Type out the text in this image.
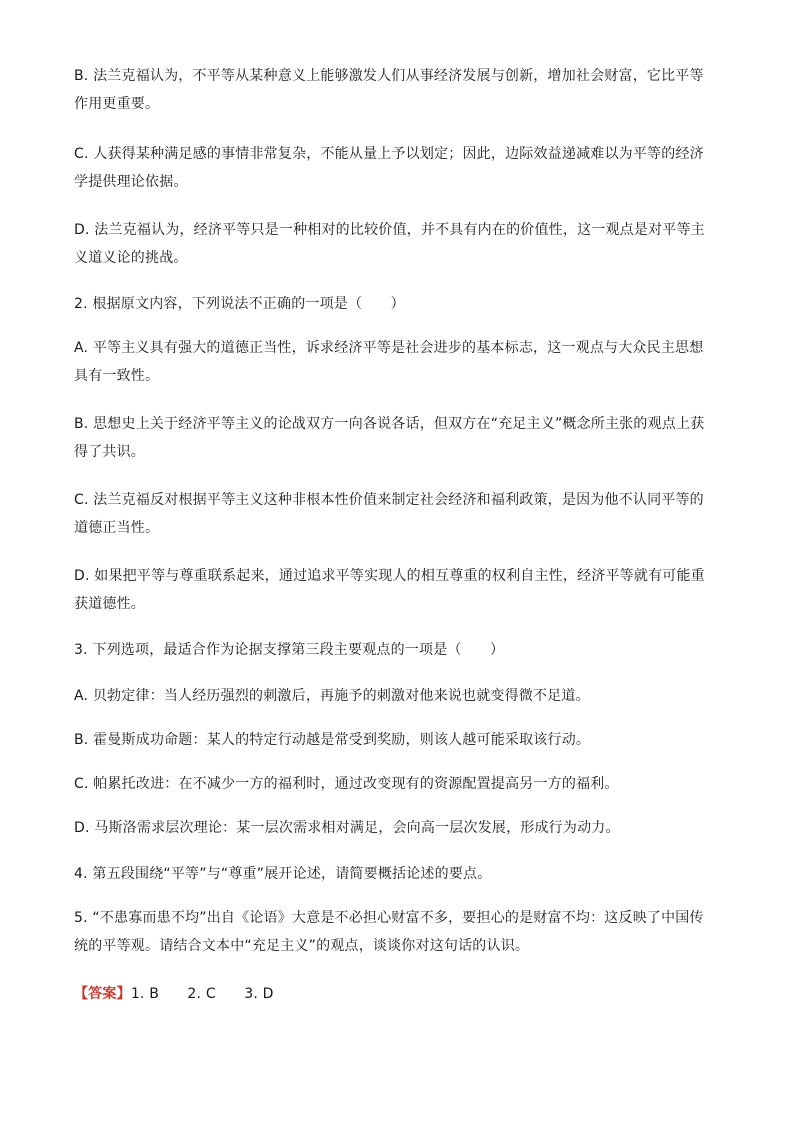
B. 法兰克福认为，不平等从某种意义上能够激发人们从事经济发展与创新，增加社会财富，它比平等作用更重要。

C. 人获得某种满足感的事情非常复杂，不能从量上予以划定；因此，边际效益递减难以为平等的经济学提供理论依据。

D. 法兰克福认为，经济平等只是一种相对的比较价值，并不具有内在的价值性，这一观点是对平等主义道义论的挑战。

2. 根据原文内容，下列说法不正确的一项是（　　）

A. 平等主义具有强大的道德正当性，诉求经济平等是社会进步的基本标志，这一观点与大众民主思想具有一致性。

B. 思想史上关于经济平等主义的论战双方一向各说各话，但双方在“充足主义”概念所主张的观点上获得了共识。

C. 法兰克福反对根据平等主义这种非根本性价值来制定社会经济和福利政策，是因为他不认同平等的道德正当性。

D. 如果把平等与尊重联系起来，通过追求平等实现人的相互尊重的权利自主性，经济平等就有可能重获道德性。

3. 下列选项，最适合作为论据支撑第三段主要观点的一项是（　　）

A. 贝勃定律：当人经历强烈的刺激后，再施予的刺激对他来说也就变得微不足道。

B. 霍曼斯成功命题：某人的特定行动越是常受到奖励，则该人越可能采取该行动。

C. 帕累托改进：在不减少一方的福利时，通过改变现有的资源配置提高另一方的福利。

D. 马斯洛需求层次理论：某一层次需求相对满足，会向高一层次发展，形成行为动力。

4. 第五段围绕“平等”与“尊重”展开论述，请简要概括论述的要点。

5. “不患寡而患不均”出自《论语》大意是不必担心财富不多，要担心的是财富不均：这反映了中国传统的平等观。请结合文本中“充足主义”的观点，谈谈你对这句话的认识。

【答案】1. B　　2. C　　3. D
